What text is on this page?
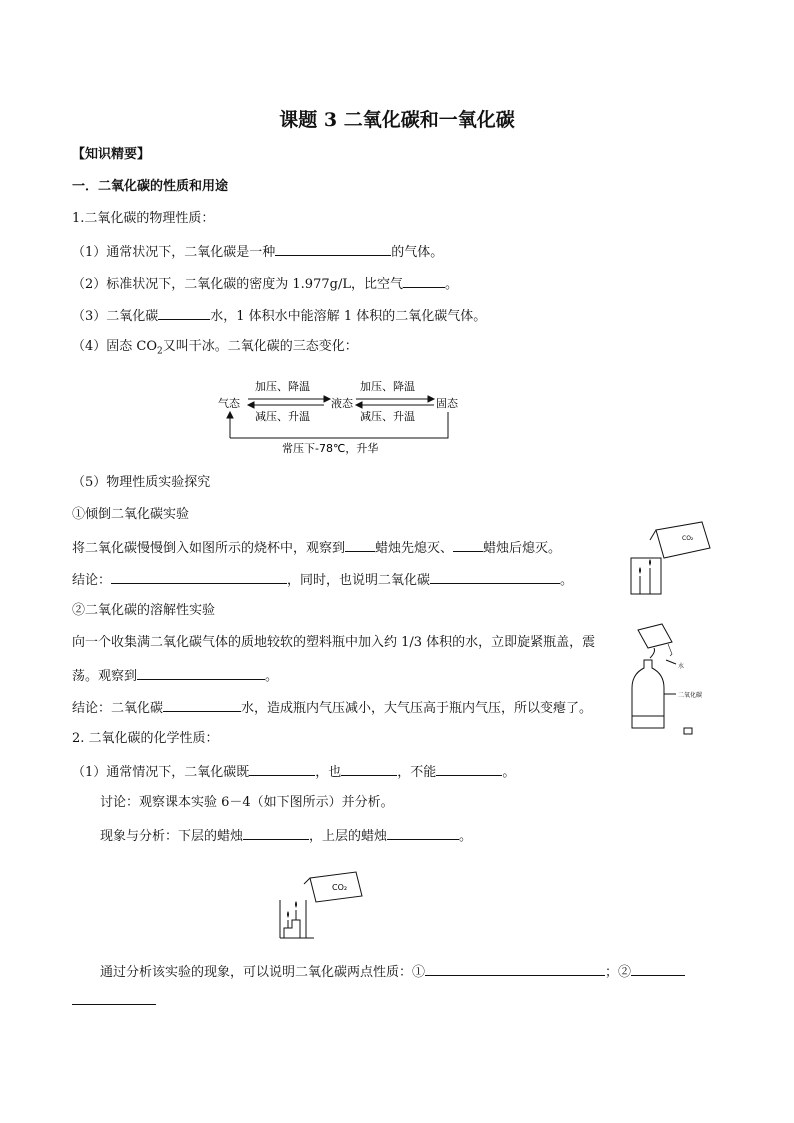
课题 3 二氧化碳和一氧化碳
【知识精要】
一．二氧化碳的性质和用途
1.二氧化碳的物理性质：
（1）通常状况下，二氧化碳是一种	的气体。
（2）标准状况下，二氧化碳的密度为 1.977g/L，比空气	。
（3）二氧化碳	水，1 体积水中能溶解 1 体积的二氧化碳气体。
（4）固态 $CO_2$又叫干冰。二氧化碳的三态变化：
气态	液态	固态
加压、降温	加压、降温
减压、升温	减压、升温
常压下-78℃，升华
（5）物理性质实验探究
①倾倒二氧化碳实验
将二氧化碳慢慢倒入如图所示的烧杯中，观察到 蜡烛先熄灭、 蜡烛后熄灭。
结论：	，同时，也说明二氧化碳	。
CO₂
②二氧化碳的溶解性实验
向一个收集满二氧化碳气体的质地较软的塑料瓶中加入约 1/3 体积的水，立即旋紧瓶盖，震
荡。观察到	。
结论：二氧化碳	水，造成瓶内气压减小，大气压高于瓶内气压，所以变瘪了。
水
二氧化碳
2. 二氧化碳的化学性质：
（1）通常情况下，二氧化碳既	，也	，不能	。
讨论：观察课本实验 6－4（如下图所示）并分析。
现象与分析：下层的蜡烛	，上层的蜡烛	。
CO₂
通过分析该实验的现象，可以说明二氧化碳两点性质：①	；②
